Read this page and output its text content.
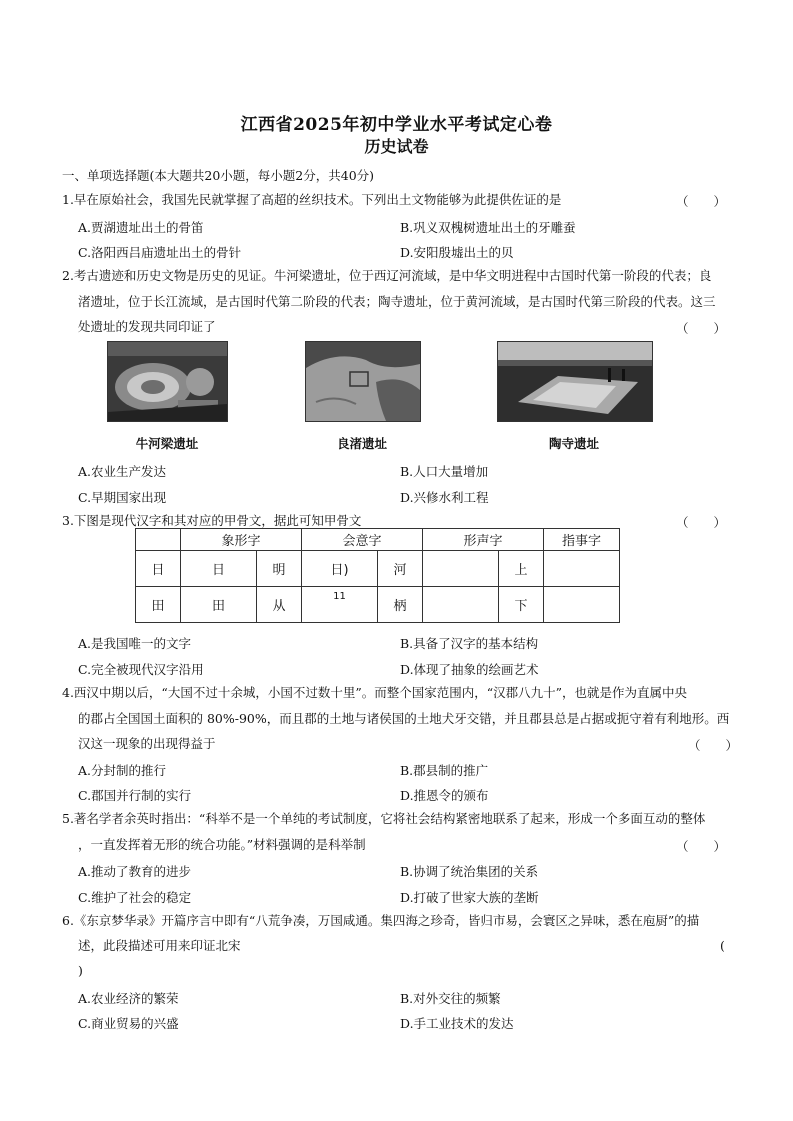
江西省2025年初中学业水平考试定心卷
历史试卷
一、单项选择题(本大题共20小题，每小题2分，共40分)
1.早在原始社会，我国先民就掌握了高超的丝织技术。下列出土文物能够为此提供佐证的是	（　　）
A.贾湖遗址出土的骨笛	B.巩义双槐树遗址出土的牙雕蚕
C.洛阳西吕庙遗址出土的骨针	D.安阳殷墟出土的贝
2.考古遗迹和历史文物是历史的见证。牛河梁遗址，位于西辽河流域，是中华文明进程中古国时代第一阶段的代表；良
渚遗址，位于长江流域，是古国时代第二阶段的代表；陶寺遗址，位于黄河流域，是古国时代第三阶段的代表。这三
处遗址的发现共同印证了	（　　）
牛河梁遗址	良渚遗址	陶寺遗址
A.农业生产发达	B.人口大量增加
C.早期国家出现	D.兴修水利工程
3.下图是现代汉字和其对应的甲骨文，据此可知甲骨文	（　　）
	象形字		会意字		形声字		指事字
日	日	明	日)	河		上	
田	田	从	11	柄		下	
A.是我国唯一的文字	B.具备了汉字的基本结构
C.完全被现代汉字沿用	D.体现了抽象的绘画艺术
4.西汉中期以后，“大国不过十余城，小国不过数十里”。而整个国家范围内，“汉郡八九十”，也就是作为直属中央
的郡占全国国土面积的 80%-90%，而且郡的土地与诸侯国的土地犬牙交错，并且郡县总是占据或扼守着有利地形。西
汉这一现象的出现得益于	（　　）
A.分封制的推行	B.郡县制的推广
C.郡国并行制的实行	D.推恩令的颁布
5.著名学者余英时指出：“科举不是一个单纯的考试制度，它将社会结构紧密地联系了起来，形成一个多面互动的整体
，一直发挥着无形的统合功能。”材料强调的是科举制	（　　）
A.推动了教育的进步	B.协调了统治集团的关系
C.维护了社会的稳定	D.打破了世家大族的垄断
6.《东京梦华录》开篇序言中即有“八荒争凑，万国咸通。集四海之珍奇，皆归市易，会寰区之异味，悉在庖厨”的描
述，此段描述可用来印证北宋	(
)
A.农业经济的繁荣	B.对外交往的频繁
C.商业贸易的兴盛	D.手工业技术的发达
